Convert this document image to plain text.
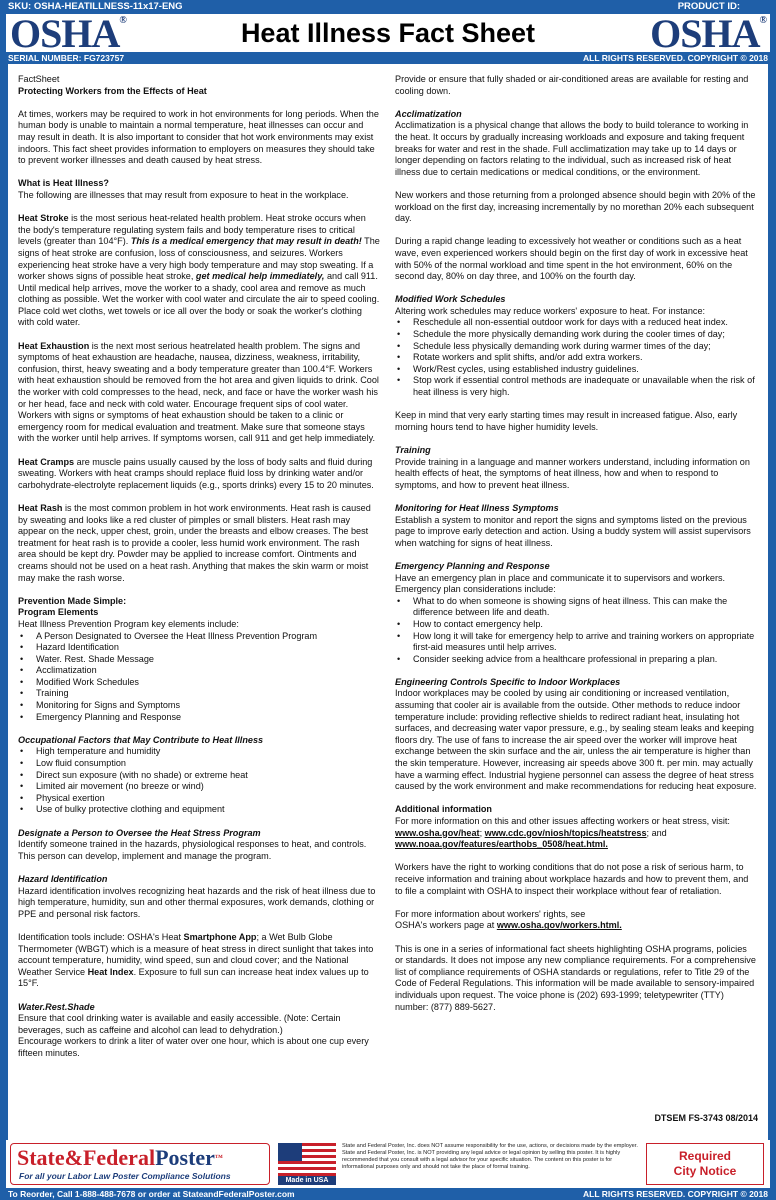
SKU: OSHA-HEATILLNESS-11x17-ENG	PRODUCT ID:
OSHA®	Heat Illness Fact Sheet	OSHA®
SERIAL NUMBER: FG723757	ALL RIGHTS RESERVED. COPYRIGHT © 2018

FactSheet

Protecting Workers from the Effects of Heat

At times, workers may be required to work in hot environments for long periods. When the human body is unable to maintain a normal temperature, heat illnesses can occur and may result in death. It is also important to consider that hot work environments may exist indoors. This fact sheet provides information to employers on measures they should take to prevent worker illnesses and death caused by heat stress.

What is Heat Illness?

The following are illnesses that may result from exposure to heat in the workplace.

Heat Stroke is the most serious heat-related health problem. Heat stroke occurs when the body's temperature regulating system fails and body temperature rises to critical levels (greater than 104°F). This is a medical emergency that may result in death! The signs of heat stroke are confusion, loss of consciousness, and seizures. Workers experiencing heat stroke have a very high body temperature and may stop sweating. If a worker shows signs of possible heat stroke, get medical help immediately, and call 911. Until medical help arrives, move the worker to a shady, cool area and remove as much clothing as possible. Wet the worker with cool water and circulate the air to speed cooling. Place cold wet cloths, wet towels or ice all over the body or soak the worker's clothing with cold water.

Heat Exhaustion is the next most serious heatrelated health problem. The signs and symptoms of heat exhaustion are headache, nausea, dizziness, weakness, irritability, confusion, thirst, heavy sweating and a body temperature greater than 100.4°F. Workers with heat exhaustion should be removed from the hot area and given liquids to drink. Cool the worker with cold compresses to the head, neck, and face or have the worker wash his or her head, face and neck with cold water. Encourage frequent sips of cool water. Workers with signs or symptoms of heat exhaustion should be taken to a clinic or emergency room for medical evaluation and treatment. Make sure that someone stays with the worker until help arrives. If symptoms worsen, call 911 and get help immediately.

Heat Cramps are muscle pains usually caused by the loss of body salts and fluid during sweating. Workers with heat cramps should replace fluid loss by drinking water and/or carbohydrate-electrolyte replacement liquids (e.g., sports drinks) every 15 to 20 minutes.

Heat Rash is the most common problem in hot work environments. Heat rash is caused by sweating and looks like a red cluster of pimples or small blisters. Heat rash may appear on the neck, upper chest, groin, under the breasts and elbow creases. The best treatment for heat rash is to provide a cooler, less humid work environment. The rash area should be kept dry. Powder may be applied to increase comfort. Ointments and creams should not be used on a heat rash. Anything that makes the skin warm or moist may make the rash worse.

Prevention Made Simple:

Program Elements

Heat Illness Prevention Program key elements include:

• A Person Designated to Oversee the Heat Illness Prevention Program
• Hazard Identification
• Water. Rest. Shade Message
• Acclimatization
• Modified Work Schedules
• Training
• Monitoring for Signs and Symptoms
• Emergency Planning and Response

Occupational Factors that May Contribute to Heat Illness

• High temperature and humidity
• Low fluid consumption
• Direct sun exposure (with no shade) or extreme heat
• Limited air movement (no breeze or wind)
• Physical exertion
• Use of bulky protective clothing and equipment

Designate a Person to Oversee the Heat Stress Program

Identify someone trained in the hazards, physiological responses to heat, and controls. This person can develop, implement and manage the program.

Hazard Identification

Hazard identification involves recognizing heat hazards and the risk of heat illness due to high temperature, humidity, sun and other thermal exposures, work demands, clothing or PPE and personal risk factors.

Identification tools include: OSHA's Heat Smartphone App; a Wet Bulb Globe Thermometer (WBGT) which is a measure of heat stress in direct sunlight that takes into account temperature, humidity, wind speed, sun and cloud cover; and the National Weather Service Heat Index. Exposure to full sun can increase heat index values up to 15°F.

Water.Rest.Shade

Ensure that cool drinking water is available and easily accessible. (Note: Certain beverages, such as caffeine and alcohol can lead to dehydration.)

Encourage workers to drink a liter of water over one hour, which is about one cup every fifteen minutes.

Provide or ensure that fully shaded or air-conditioned areas are available for resting and cooling down.

Acclimatization

Acclimatization is a physical change that allows the body to build tolerance to working in the heat. It occurs by gradually increasing workloads and exposure and taking frequent breaks for water and rest in the shade. Full acclimatization may take up to 14 days or longer depending on factors relating to the individual, such as increased risk of heat illness due to certain medications or medical conditions, or the environment.

New workers and those returning from a prolonged absence should begin with 20% of the workload on the first day, increasing incrementally by no morethan 20% each subsequent day.

During a rapid change leading to excessively hot weather or conditions such as a heat wave, even experienced workers should begin on the first day of work in excessive heat with 50% of the normal workload and time spent in the hot environment, 60% on the second day, 80% on day three, and 100% on the fourth day.

Modified Work Schedules

Altering work schedules may reduce workers' exposure to heat. For instance:

• Reschedule all non-essential outdoor work for days with a reduced heat index.
• Schedule the more physically demanding work during the cooler times of day;
• Schedule less physically demanding work during warmer times of the day;
• Rotate workers and split shifts, and/or add extra workers.
• Work/Rest cycles, using established industry guidelines.
• Stop work if essential control methods are inadequate or unavailable when the risk of heat illness is very high.

Keep in mind that very early starting times may result in increased fatigue. Also, early morning hours tend to have higher humidity levels.

Training

Provide training in a language and manner workers understand, including information on health effects of heat, the symptoms of heat illness, how and when to respond to symptoms, and how to prevent heat illness.

Monitoring for Heat Illness Symptoms

Establish a system to monitor and report the signs and symptoms listed on the previous page to improve early detection and action. Using a buddy system will assist supervisors when watching for signs of heat illness.

Emergency Planning and Response

Have an emergency plan in place and communicate it to supervisors and workers.

Emergency plan considerations include:

• What to do when someone is showing signs of heat illness. This can make the difference between life and death.
• How to contact emergency help.
• How long it will take for emergency help to arrive and training workers on appropriate first-aid measures until help arrives.
• Consider seeking advice from a healthcare professional in preparing a plan.

Engineering Controls Specific to Indoor Workplaces

Indoor workplaces may be cooled by using air conditioning or increased ventilation, assuming that cooler air is available from the outside. Other methods to reduce indoor temperature include: providing reflective shields to redirect radiant heat, insulating hot surfaces, and decreasing water vapor pressure, e.g., by sealing steam leaks and keeping floors dry. The use of fans to increase the air speed over the worker will improve heat exchange between the skin surface and the air, unless the air temperature is higher than the skin temperature. However, increasing air speeds above 300 ft. per min. may actually have a warming effect. Industrial hygiene personnel can assess the degree of heat stress caused by the work environment and make recommendations for reducing heat exposure.

Additional information

For more information on this and other issues affecting workers or heat stress, visit: www.osha.gov/heat; www.cdc.gov/niosh/topics/heatstress; and www.noaa.gov/features/earthobs_0508/heat.html.

Workers have the right to working conditions that do not pose a risk of serious harm, to receive information and training about workplace hazards and how to prevent them, and to file a complaint with OSHA to inspect their workplace without fear of retaliation.

For more information about workers' rights, see

OSHA's workers page at www.osha.gov/workers.html.

This is one in a series of informational fact sheets highlighting OSHA programs, policies or standards. It does not impose any new compliance requirements. For a comprehensive list of compliance requirements of OSHA standards or regulations, refer to Title 29 of the Code of Federal Regulations. This information will be made available to sensory-impaired individuals upon request. The voice phone is (202) 693-1999; teletypewriter (TTY) number: (877) 889-5627.

DTSEM FS-3743 08/2014
State&FederalPoster™
For all your Labor Law Poster Compliance Solutions	Made in USA
State and Federal Poster, Inc. does NOT assume responsibility for the use, actions, or decisions made by the employer. State and Federal Poster, Inc. is NOT providing any legal advice or legal opinion by selling this poster. It is highly recommended that you consult with a legal advisor for your specific situation. The content on this poster is for informational purposes only and should not take the place of formal training.
Required
City Notice
To Reorder, Call 1-888-488-7678 or order at StateandFederalPoster.com	ALL RIGHTS RESERVED. COPYRIGHT © 2018
